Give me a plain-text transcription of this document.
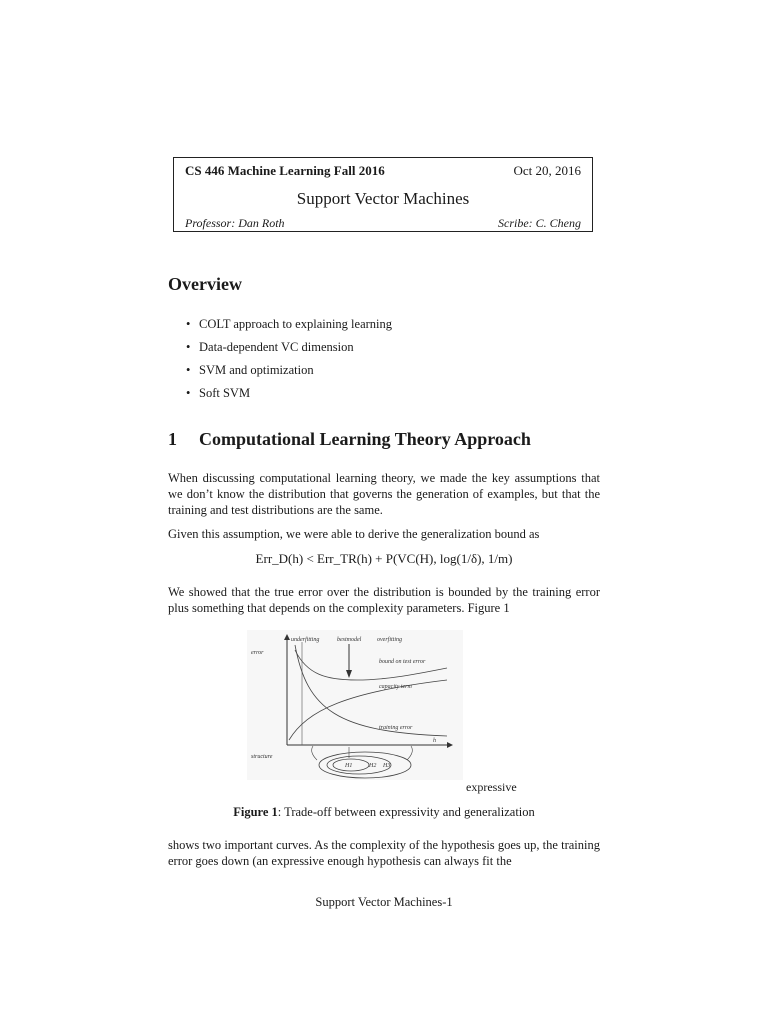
CS 446 Machine Learning Fall 2016	Oct 20, 2016
Support Vector Machines
Professor: Dan Roth	Scribe: C. Cheng
Overview
• COLT approach to explaining learning
• Data-dependent VC dimension
• SVM and optimization
• Soft SVM
1 Computational Learning Theory Approach

When discussing computational learning theory, we made the key assumptions that we don’t know the distribution that governs the generation of examples, but that the training and test distributions are the same.

Given this assumption, we were able to derive the generalization bound as

Err_D(h) < Err_TR(h) + P(VC(H), log(1/δ), 1/m)

We showed that the true error over the distribution is bounded by the training error plus something that depends on the complexity parameters. Figure 1

underfitting	bestmodel	overfitting
error
bound on test error
capacity term
training error
h
structure
H1	H2 H3
expressive
Figure 1: Trade-off between expressivity and generalization

shows two important curves. As the complexity of the hypothesis goes up, the training error goes down (an expressive enough hypothesis can always fit the

Support Vector Machines-1
